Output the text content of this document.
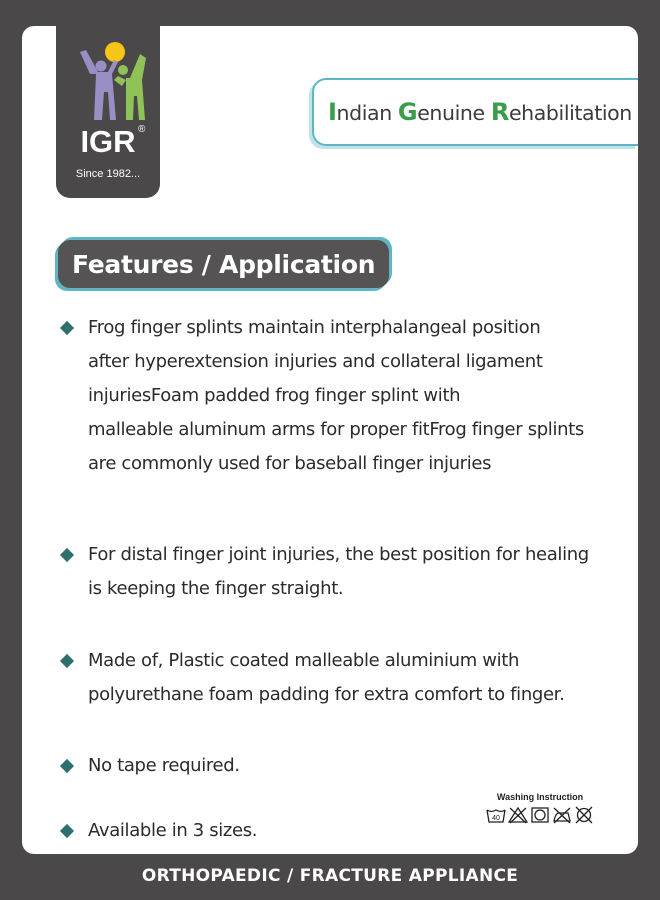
IGR ®
Since 1982...
Indian Genuine Rehabilitation
Features / Application
Frog finger splints maintain interphalangeal position
after hyperextension injuries and collateral ligament
injuriesFoam padded frog finger splint with
malleable aluminum arms for proper fitFrog finger splints
are commonly used for baseball finger injuries
For distal finger joint injuries, the best position for healing
is keeping the finger straight.
Made of, Plastic coated malleable aluminium with
polyurethane foam padding for extra comfort to finger.
No tape required.
Available in 3 sizes.
Washing Instruction
40
ORTHOPAEDIC / FRACTURE APPLIANCE
